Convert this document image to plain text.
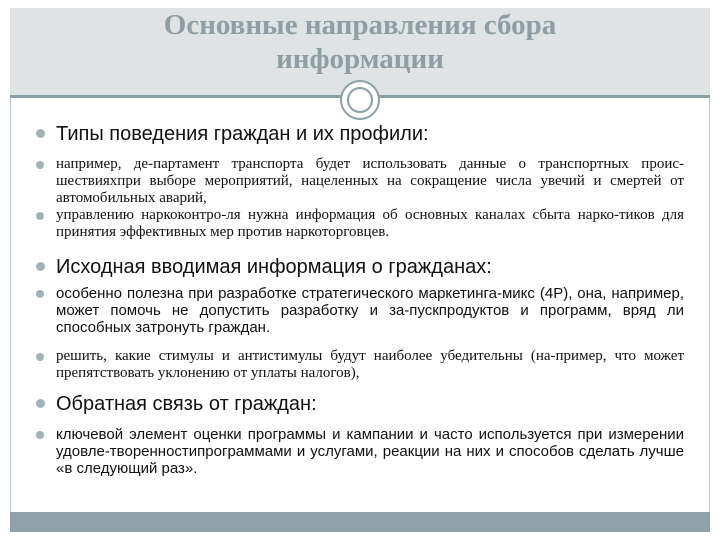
Основные направления сбора
информации
Типы поведения граждан и их профили:
например, де-партамент транспорта будет использовать данные о транспортных проис-шествияхпри выборе мероприятий, нацеленных на сокращение числа увечий и смертей от автомобильных аварий,
управлению наркоконтро-ля нужна информация об основных каналах сбыта нарко-тиков для принятия эффективных мер против наркоторговцев.
Исходная вводимая информация о гражданах:
особенно полезна при разработке стратегического маркетинга-микс (4Р), она, например, может помочь не допустить разработку и за-пускпродуктов и программ, вряд ли способных затронуть граждан.
решить, какие стимулы и антистимулы будут наиболее убедительны (на-пример, что может препятствовать уклонению от уплаты налогов),
Обратная связь от граждан:
ключевой элемент оценки программы и кампании и часто используется при измерении удовле-творенностипрограммами и услугами, реакции на них и способов сделать лучше «в следующий раз».
